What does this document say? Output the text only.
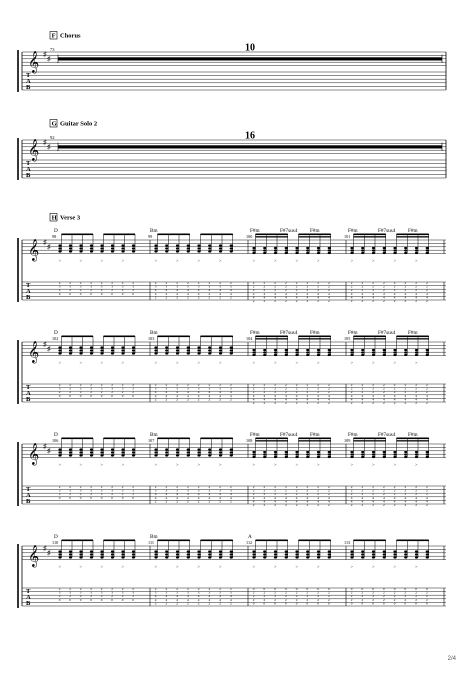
F Chorus
T
A
B
𝄞 ♯
♯
73	10
G Guitar Solo 2
T
A
B
𝄞 ♯
♯
92	16
H Verse 3
T
A
B
𝄞 ♯
♯
98
D
>
2
3
2
0
2
3
2
0
>
2
3
2
0
2
3
2
0
>
2
3
2
0
2
3
2
0
>
2
3
2
0
2
3
2
0
99
Bm
>
2
3
4
4
2
2
3
4
4
2
>
2
3
4
4
2
2
3
4
4
2
>
2
3
4
4
2
2
3
4
4
2
>
2
3
4
4
2
2
3
4
4
2
100
F#m	F#7sus4 F#m
>
2
2
2
4
4
2
2
2
2
4
4
2
>
2
2
2
4
4
2
2
2
2
4
4
2
>
2
2
2
4
4
2
2
2
2
4
4
2
>
2
2
2
4
4
2
2
2
2
4
4
2
101
F#m	F#7sus4 F#m
>
2
2
2
4
4
2
2
2
2
4
4
2
>
2
2
2
4
4
2
2
2
2
4
4
2
>
2
2
2
4
4
2
2
2
2
4
4
2
>
2
2
2
4
4
2
2
2
2
4
4
2
T
A
B
𝄞 ♯
♯
102
D
>
2
3
2
0
2
3
2
0
>
2
3
2
0
2
3
2
0
>
2
3
2
0
2
3
2
0
>
2
3
2
0
2
3
2
0
103
Bm
>
2
3
4
4
2
2
3
4
4
2
>
2
3
4
4
2
2
3
4
4
2
>
2
3
4
4
2
2
3
4
4
2
>
2
3
4
4
2
2
3
4
4
2
104
F#m	F#7sus4 F#m
>
2
2
2
4
4
2
2
2
2
4
4
2
>
2
2
2
4
4
2
2
2
2
4
4
2
>
2
2
2
4
4
2
2
2
2
4
4
2
>
2
2
2
4
4
2
2
2
2
4
4
2
105
F#m	F#7sus4 F#m
>
2
2
2
4
4
2
2
2
2
4
4
2
>
2
2
2
4
4
2
2
2
2
4
4
2
>
2
2
2
4
4
2
2
2
2
4
4
2
>
2
2
2
4
4
2
2
2
2
4
4
2
T
A
B
𝄞 ♯
♯
106
D
>
2
3
2
0
2
3
2
0
>
2
3
2
0
2
3
2
0
>
2
3
2
0
2
3
2
0
>
2
3
2
0
2
3
2
0
107
Bm
>
2
3
4
4
2
2
3
4
4
2
>
2
3
4
4
2
2
3
4
4
2
>
2
3
4
4
2
2
3
4
4
2
>
2
3
4
4
2
2
3
4
4
2
108
F#m	F#7sus4 F#m
>
2
2
2
4
4
2
2
2
2
4
4
2
>
2
2
2
4
4
2
2
2
2
4
4
2
>
2
2
2
4
4
2
2
2
2
4
4
2
>
2
2
2
4
4
2
2
2
2
4
4
2
109
F#m	F#7sus4 F#m
>
2
2
2
4
4
2
2
2
2
4
4
2
>
2
2
2
4
4
2
2
2
2
4
4
2
>
2
2
2
4
4
2
2
2
2
4
4
2
>
2
2
2
4
4
2
2
2
2
4
4
2
T
A
B
𝄞 ♯
♯
110
D
>
2
3
2
0
2
3
2
0
>
2
3
2
0
2
3
2
0
>
2
3
2
0
2
3
2
0
>
2
3
2
0
2
3
2
0
111
Bm
>
2
3
4
4
2
2
3
4
4
2
>
2
3
4
4
2
2
3
4
4
2
>
2
3
4
4
2
2
3
4
4
2
>
2
3
4
4
2
2
3
4
4
2
112
A
>
0
2
2
2
0
0
2
2
2
0
>
0
2
2
2
0
0
2
2
2
0
>
0
2
2
2
0
0
2
2
2
0
>
0
2
2
2
0
0
2
2
2
0
113
>
0
2
2
2
0
0
2
2
2
0
>
0
2
2
2
0
0
2
2
2
0
>
0
2
2
2
0
0
2
2
2
0
>
0
2
2
2
0
0
2
2
2
0
2/4
